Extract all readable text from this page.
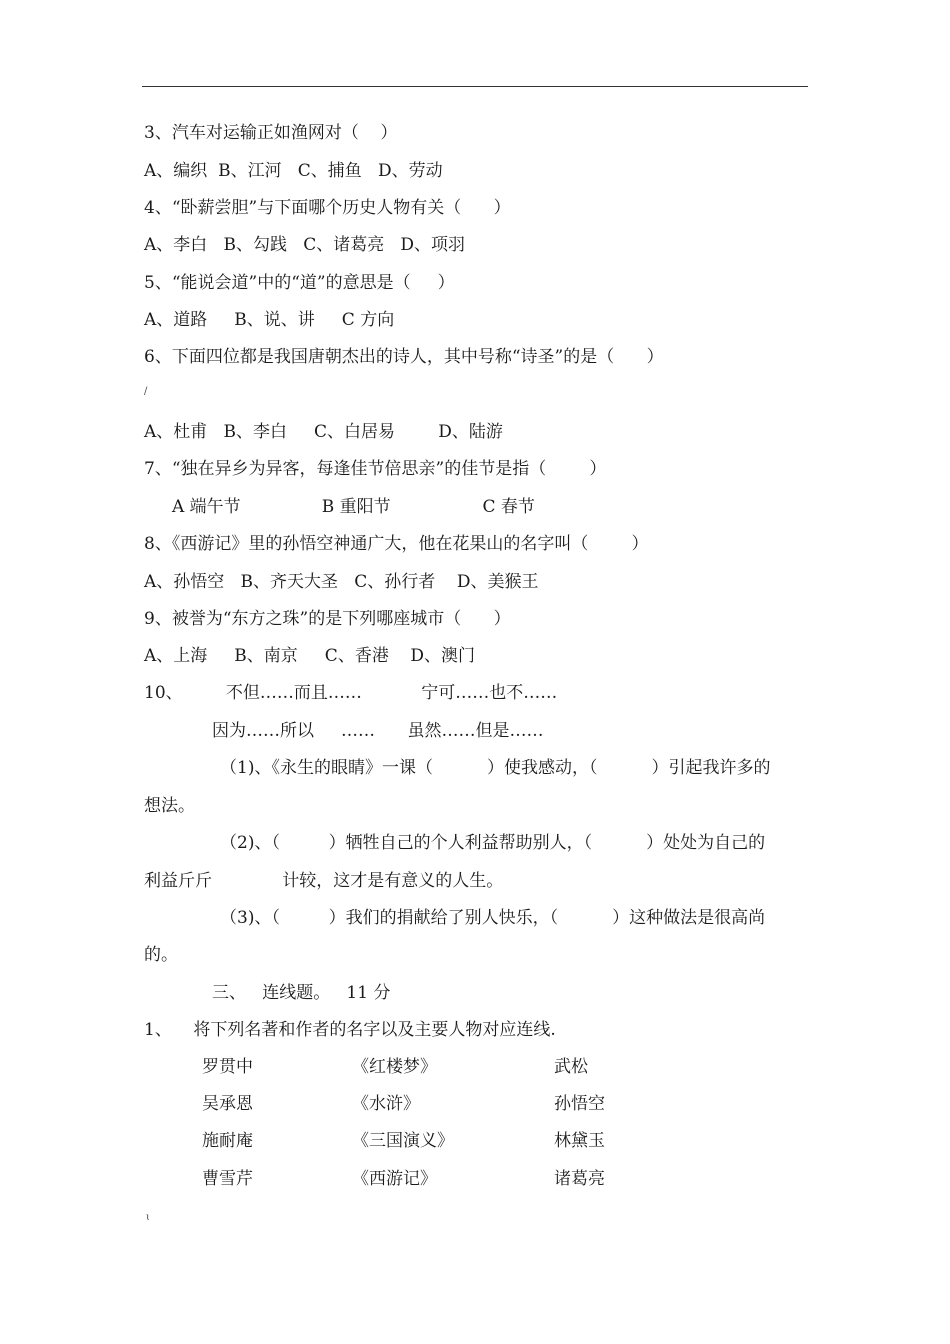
3、汽车对运输正如渔网对（    ）
A、编织  B、江河   C、捕鱼   D、劳动
4、“卧薪尝胆”与下面哪个历史人物有关（      ）
A、李白   B、勾践   C、诸葛亮   D、项羽
5、“能说会道”中的“道”的意思是（     ）
A、道路     B、说、讲     C 方向
6、下面四位都是我国唐朝杰出的诗人，其中号称“诗圣”的是（      ）
/
A、杜甫   B、李白     C、白居易        D、陆游
7、“独在异乡为异客，每逢佳节倍思亲”的佳节是指（        ）
A 端午节               B 重阳节                 C 春节
8、《西游记》里的孙悟空神通广大，他在花果山的名字叫（        ）
A、孙悟空   B、齐天大圣   C、孙行者    D、美猴王
9、被誉为“东方之珠”的是下列哪座城市（      ）
A、上海     B、南京     C、香港    D、澳门
10、        不但……而且……           宁可……也不……
因为……所以     ……      虽然……但是……
（1)、《永生的眼睛》一课（          ）使我感动，（          ）引起我许多的
想法。
（2)、（         ）牺牲自己的个人利益帮助别人，（          ）处处为自己的
利益斤斤             计较，这才是有意义的人生。
（3)、（         ）我们的捐献给了别人快乐，（          ）这种做法是很高尚
的。
三、   连线题。   11 分
1、    将下列名著和作者的名字以及主要人物对应连线.
罗贯中
吴承恩
施耐庵
曹雪芹
《红楼梦》
《水浒》
《三国演义》
《西游记》
武松
孙悟空
林黛玉
诸葛亮
ɩ
